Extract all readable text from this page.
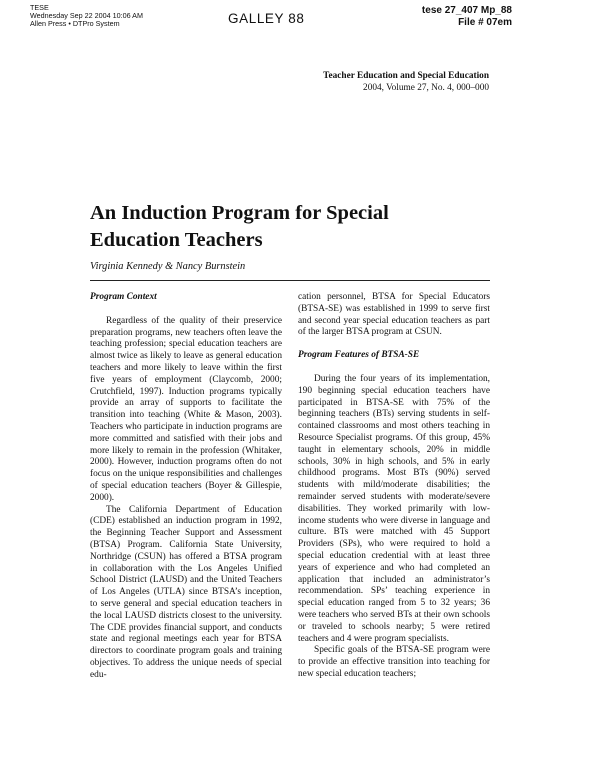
TESE
Wednesday Sep 22 2004 10:06 AM
Allen Press • DTPro System	GALLEY 88
tese 27_407 Mp_88
File # 07em
Teacher Education and Special Education
2004, Volume 27, No. 4, 000–000
An Induction Program for Special
Education Teachers
Virginia Kennedy & Nancy Burnstein
Program Context

Regardless of the quality of their preservice preparation programs, new teachers often leave the teaching profession; special education teachers are almost twice as likely to leave as general education teachers and more likely to leave within the first five years of employment (Claycomb, 2000; Crutchfield, 1997). Induction programs typically provide an array of supports to facilitate the transition into teaching (White & Mason, 2003). Teachers who participate in induction programs are more committed and satisfied with their jobs and more likely to remain in the profession (Whitaker, 2000). However, induction programs often do not focus on the unique responsibilities and challenges of special education teachers (Boyer & Gillespie, 2000).

The California Department of Education (CDE) established an induction program in 1992, the Beginning Teacher Support and Assessment (BTSA) Program. California State University, Northridge (CSUN) has offered a BTSA program in collaboration with the Los Angeles Unified School District (LAUSD) and the United Teachers of Los Angeles (UTLA) since BTSA’s inception, to serve general and special education teachers in the local LAUSD districts closest to the university. The CDE provides financial support, and conducts state and regional meetings each year for BTSA directors to coordinate program goals and training objectives. To address the unique needs of special edu-

cation personnel, BTSA for Special Educators (BTSA-SE) was established in 1999 to serve first and second year special education teachers as part of the larger BTSA program at CSUN.

Program Features of BTSA-SE

During the four years of its implementation, 190 beginning special education teachers have participated in BTSA-SE with 75% of the beginning teachers (BTs) serving students in self-contained classrooms and most others teaching in Resource Specialist programs. Of this group, 45% taught in elementary schools, 20% in middle schools, 30% in high schools, and 5% in early childhood programs. Most BTs (90%) served students with mild/moderate disabilities; the remainder served students with moderate/severe disabilities. They worked primarily with low-income students who were diverse in language and culture. BTs were matched with 45 Support Providers (SPs), who were required to hold a special education credential with at least three years of experience and who had completed an application that included an administrator’s recommendation. SPs’ teaching experience in special education ranged from 5 to 32 years; 36 were teachers who served BTs at their own schools or traveled to schools nearby; 5 were retired teachers and 4 were program specialists.

Specific goals of the BTSA-SE program were to provide an effective transition into teaching for new special education teachers;
